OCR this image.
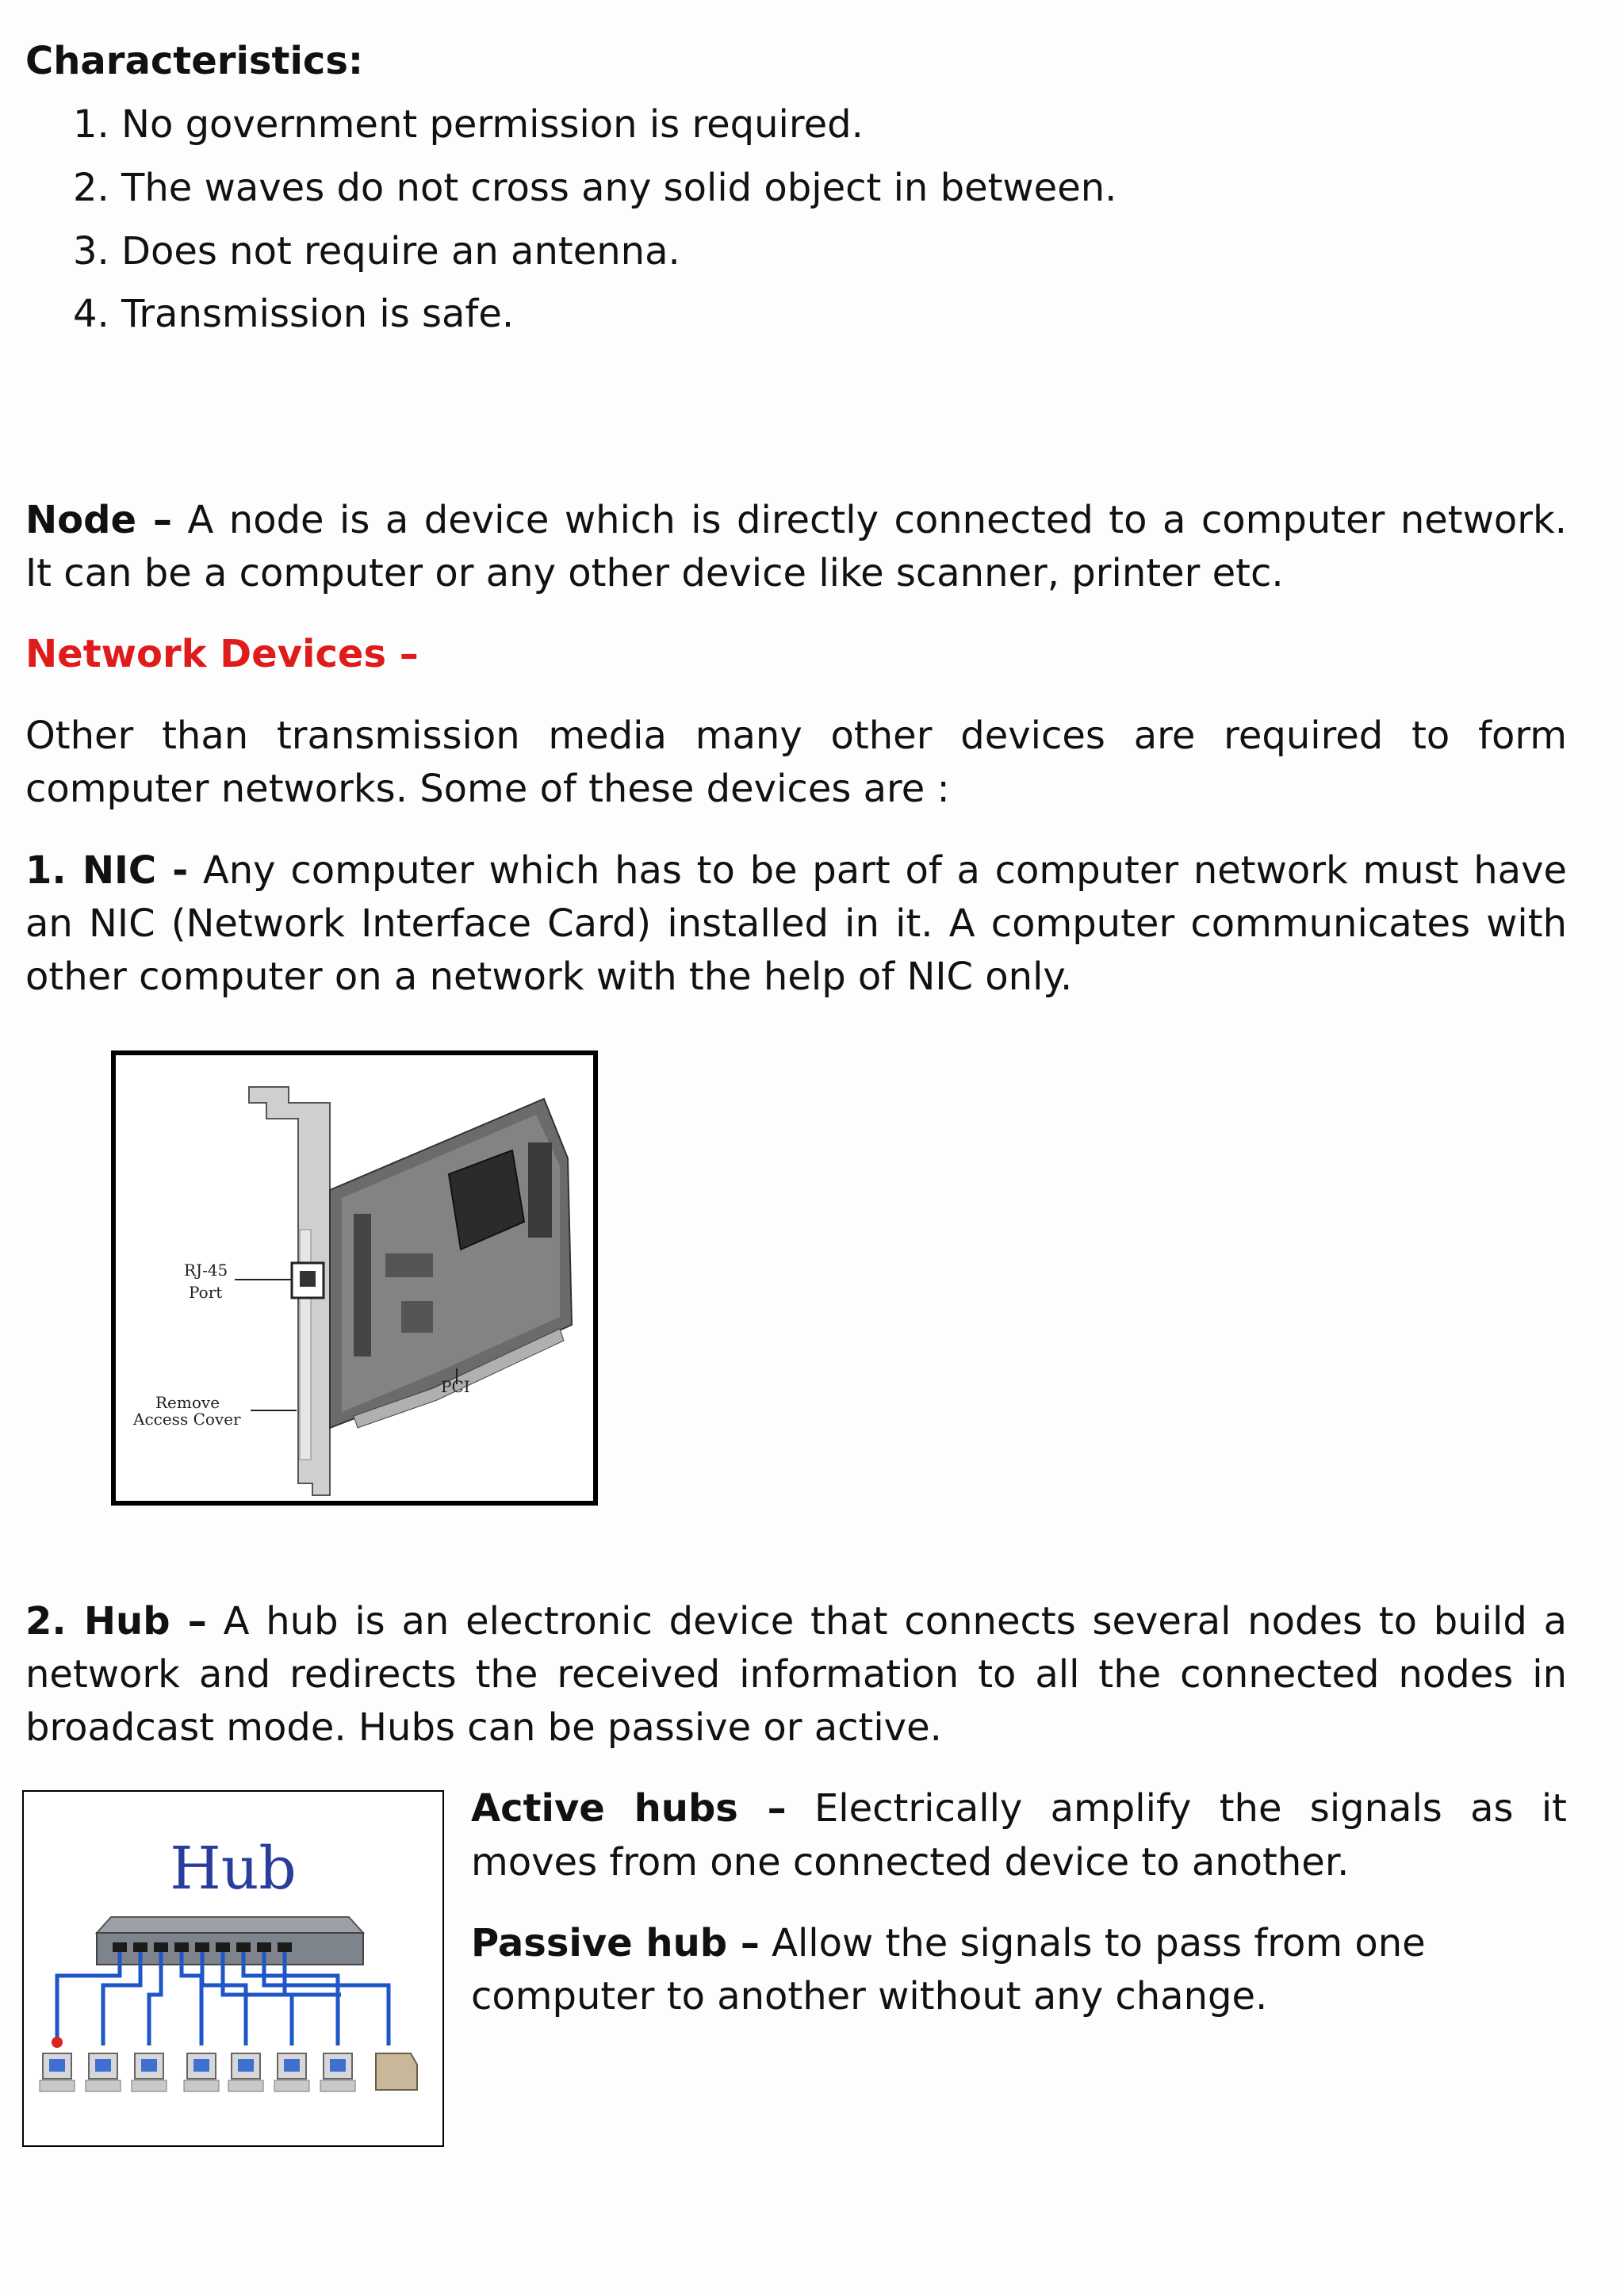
Characteristics:
1. No government permission is required.
2. The waves do not cross any solid object in between.
3. Does not require an antenna.
4. Transmission is safe.
Node – A node is a device which is directly connected to a computer network.
It can be a computer or any other device like scanner, printer etc.
Network Devices –
Other than transmission media many other devices are required to form
computer networks. Some of these devices are :
1. NIC - Any computer which has to be part of a computer network must have
an NIC (Network Interface Card) installed in it. A computer communicates with
other computer on a network with the help of NIC only.
RJ-45
Port
PCI
Remove
Access Cover
2. Hub – A hub is an electronic device that connects several nodes to build a
network and redirects the received information to all the connected nodes in
broadcast mode. Hubs can be passive or active.
Hub
Active hubs – Electrically amplify the signals as it
moves from one connected device to another.
Passive hub – Allow the signals to pass from one
computer to another without any change.
